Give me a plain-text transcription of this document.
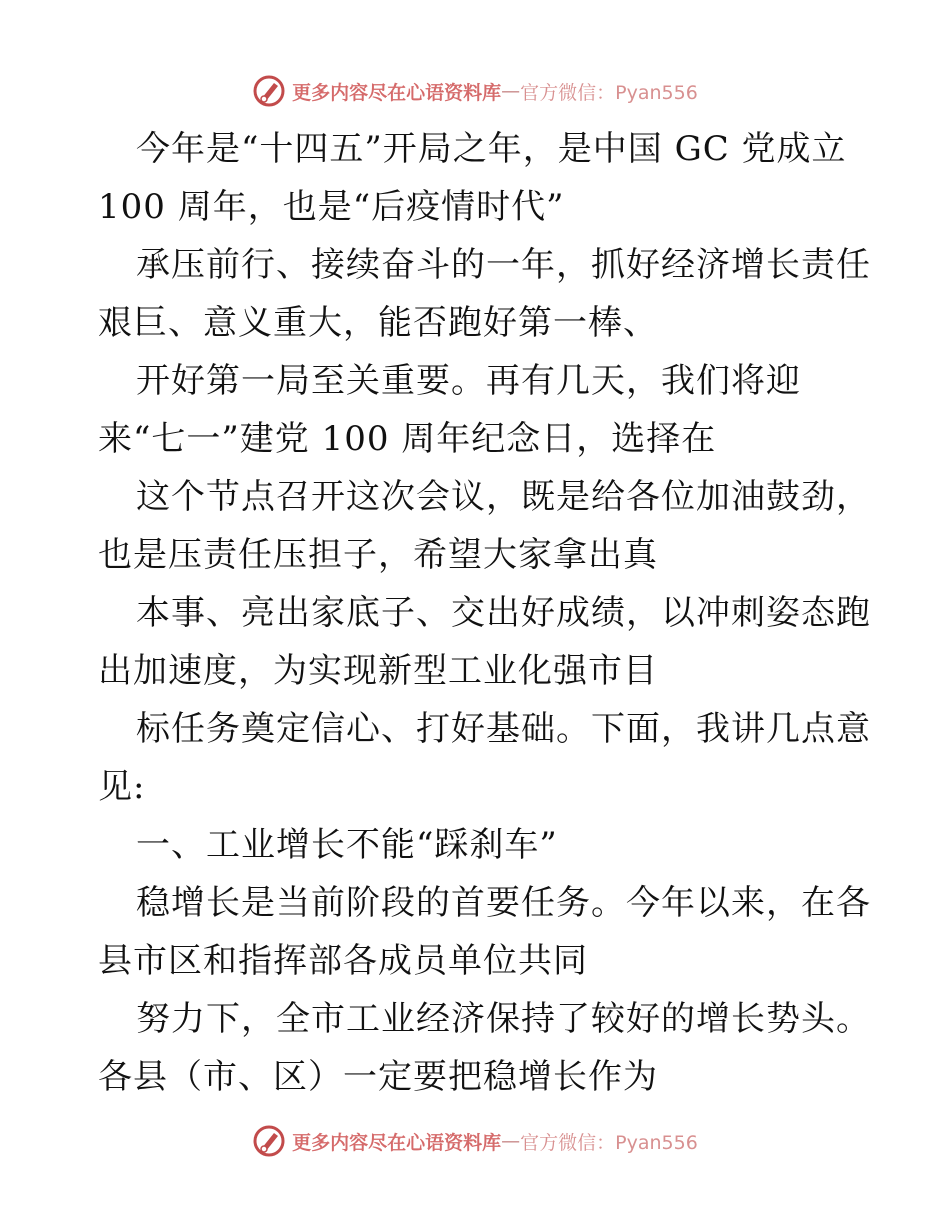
更多内容尽在心语资料库 — 官方微信：Pyan556
今年是“十四五”开局之年，是中国 GC 党成立
100 周年，也是“后疫情时代”
承压前行、接续奋斗的一年，抓好经济增长责任
艰巨、意义重大，能否跑好第一棒、
开好第一局至关重要。再有几天，我们将迎
来“七一”建党 100 周年纪念日，选择在
这个节点召开这次会议，既是给各位加油鼓劲，
也是压责任压担子，希望大家拿出真
本事、亮出家底子、交出好成绩，以冲刺姿态跑
出加速度，为实现新型工业化强市目
标任务奠定信心、打好基础。下面，我讲几点意
见:
一、工业增长不能“踩刹车”
稳增长是当前阶段的首要任务。今年以来，在各
县市区和指挥部各成员单位共同
努力下，全市工业经济保持了较好的增长势头。
各县（市、区）一定要把稳增长作为
更多内容尽在心语资料库 — 官方微信：Pyan556
